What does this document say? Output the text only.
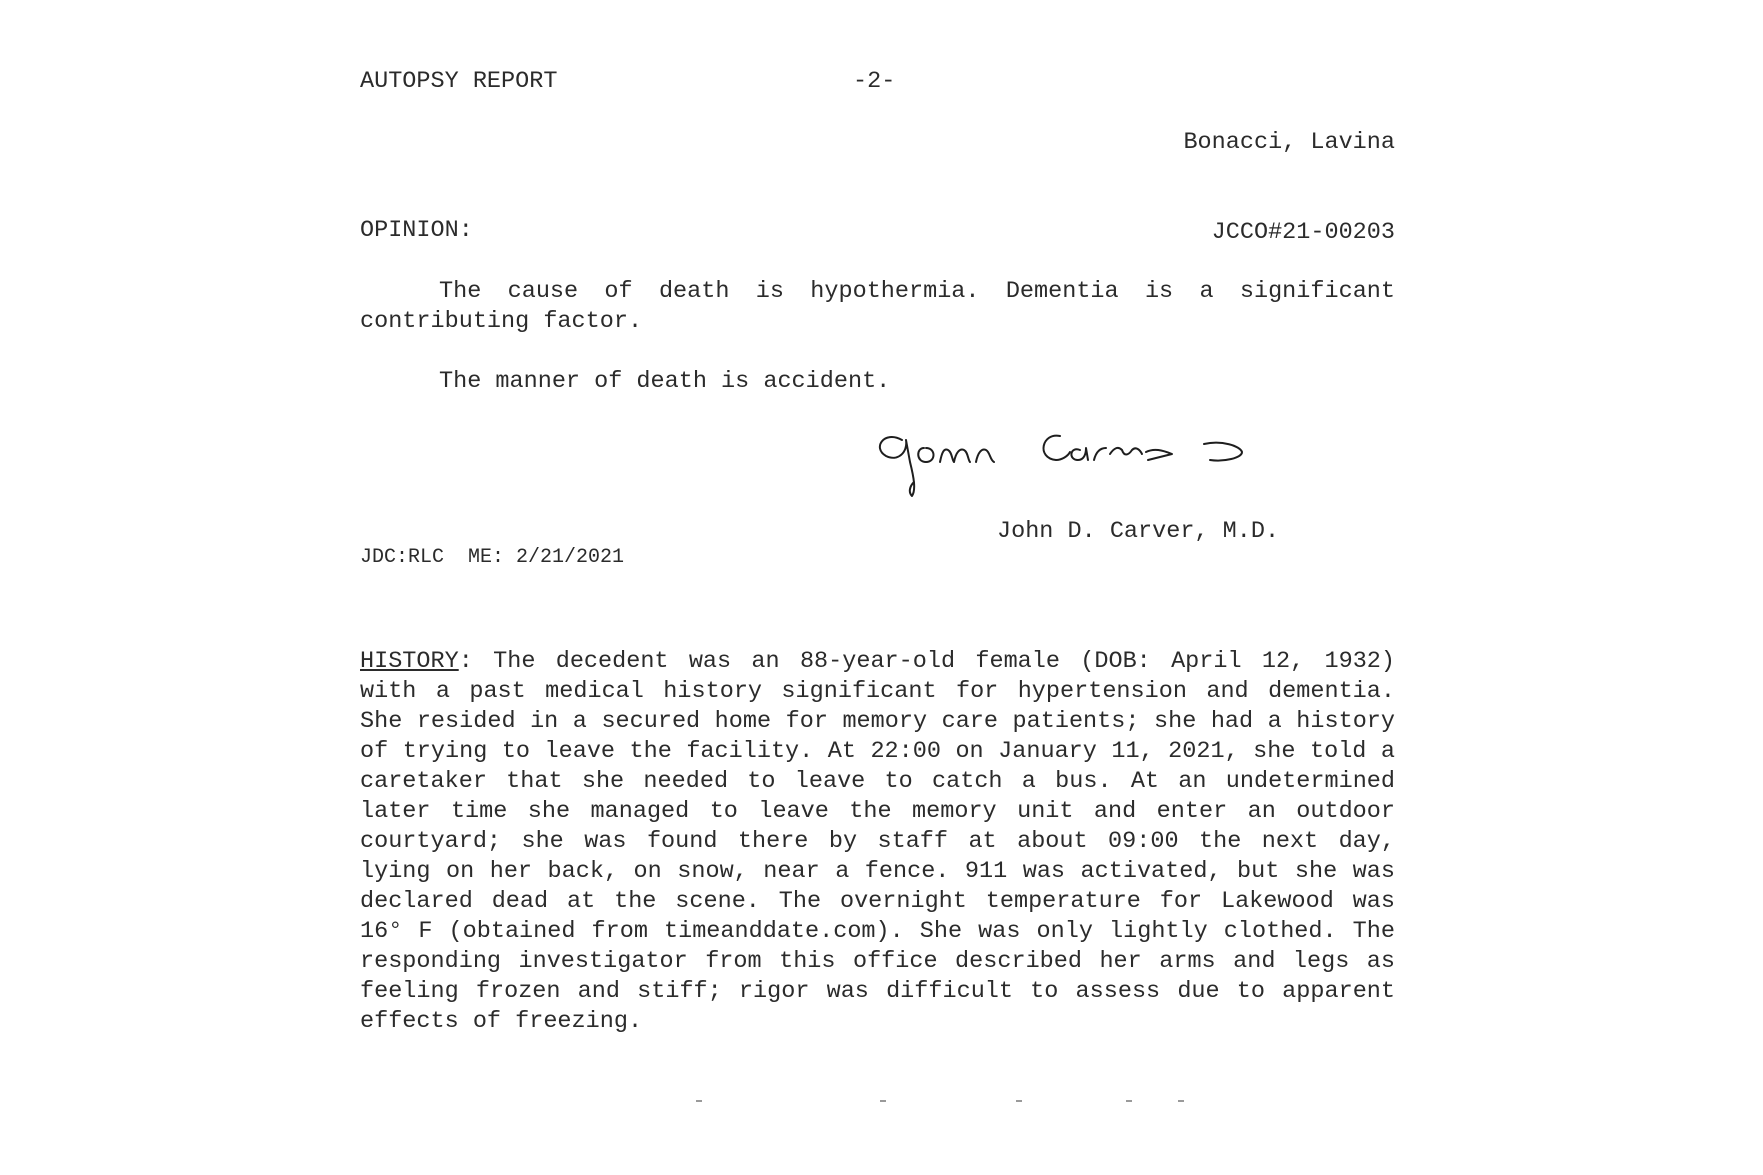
AUTOPSY REPORT	-2-

Bonacci, Lavina

JCCO#21-00203

OPINION:
The cause of death is hypothermia. Dementia is a significant contributing factor.
The manner of death is accident.
John D. Carver, M.D.
JDC:RLC  ME: 2/21/2021
HISTORY: The decedent was an 88-year-old female (DOB: April 12, 1932) with a past medical history significant for hypertension and dementia. She resided in a secured home for memory care patients; she had a history of trying to leave the facility. At 22:00 on January 11, 2021, she told a caretaker that she needed to leave to catch a bus. At an undetermined later time she managed to leave the memory unit and enter an outdoor courtyard; she was found there by staff at about 09:00 the next day, lying on her back, on snow, near a fence. 911 was activated, but she was declared dead at the scene. The overnight temperature for Lakewood was 16° F (obtained from timeanddate.com). She was only lightly clothed. The responding investigator from this office described her arms and legs as feeling frozen and stiff; rigor was difficult to assess due to apparent effects of freezing.
